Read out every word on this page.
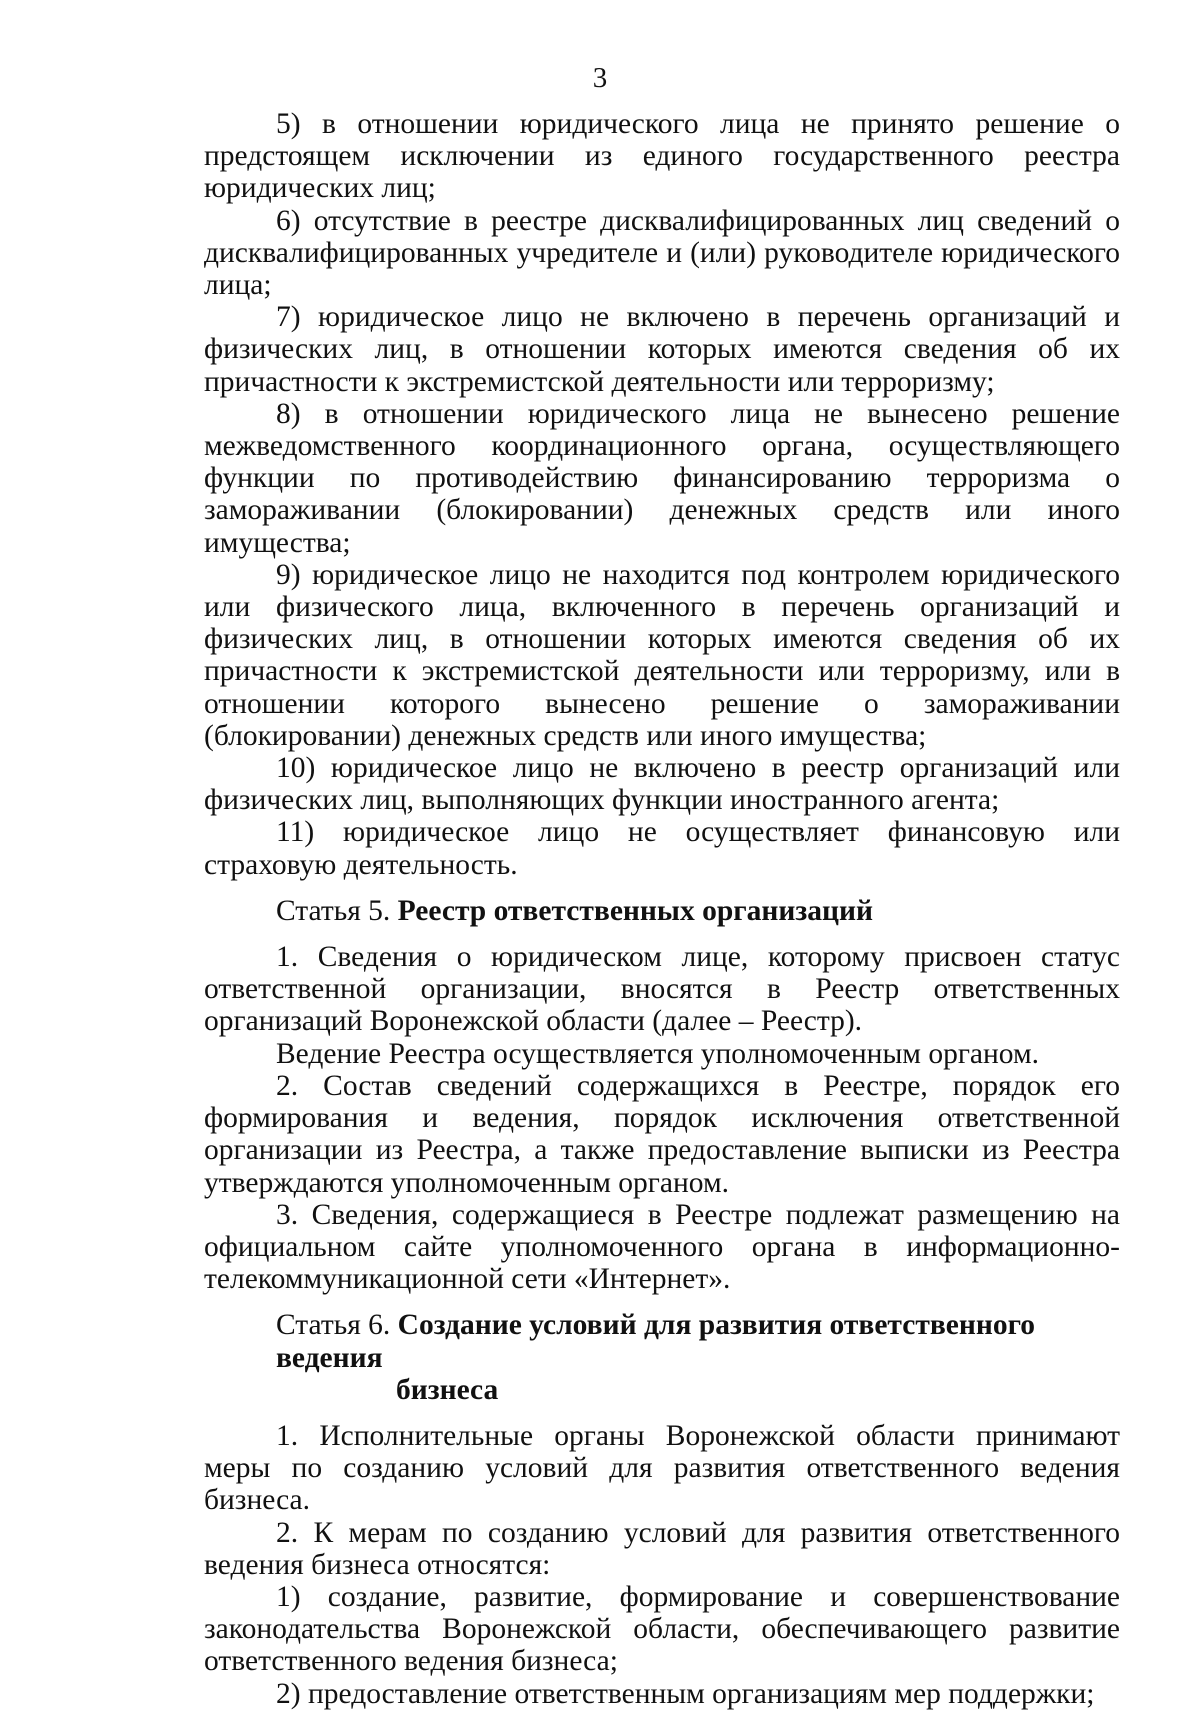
3

5) в отношении юридического лица не принято решение о предстоящем исключении из единого государственного реестра юридических лиц;

6) отсутствие в реестре дисквалифицированных лиц сведений о дисквалифицированных учредителе и (или) руководителе юридического лица;

7) юридическое лицо не включено в перечень организаций и физических лиц, в отношении которых имеются сведения об их причастности к экстремистской деятельности или терроризму;

8) в отношении юридического лица не вынесено решение межведомственного координационного органа, осуществляющего функции по противодействию финансированию терроризма о замораживании (блокировании) денежных средств или иного имущества;

9) юридическое лицо не находится под контролем юридического или физического лица, включенного в перечень организаций и физических лиц, в отношении которых имеются сведения об их причастности к экстремистской деятельности или терроризму, или в отношении которого вынесено решение о замораживании (блокировании) денежных средств или иного имущества;

10) юридическое лицо не включено в реестр организаций или физических лиц, выполняющих функции иностранного агента;

11) юридическое лицо не осуществляет финансовую или страховую деятельность.

Статья 5. Реестр ответственных организаций

1. Сведения о юридическом лице, которому присвоен статус ответственной организации, вносятся в Реестр ответственных организаций Воронежской области (далее – Реестр).

Ведение Реестра осуществляется уполномоченным органом.

2. Состав сведений содержащихся в Реестре, порядок его формирования и ведения, порядок исключения ответственной организации из Реестра, а также предоставление выписки из Реестра утверждаются уполномоченным органом.

3. Сведения, содержащиеся в Реестре подлежат размещению на официальном сайте уполномоченного органа в информационно-телекоммуникационной сети «Интернет».

Статья 6. Создание условий для развития ответственного ведения
бизнеса

1. Исполнительные органы Воронежской области принимают меры по созданию условий для развития ответственного ведения бизнеса.

2. К мерам по созданию условий для развития ответственного ведения бизнеса относятся:

1) создание, развитие, формирование и совершенствование законодательства Воронежской области, обеспечивающего развитие ответственного ведения бизнеса;

2) предоставление ответственным организациям мер поддержки;
